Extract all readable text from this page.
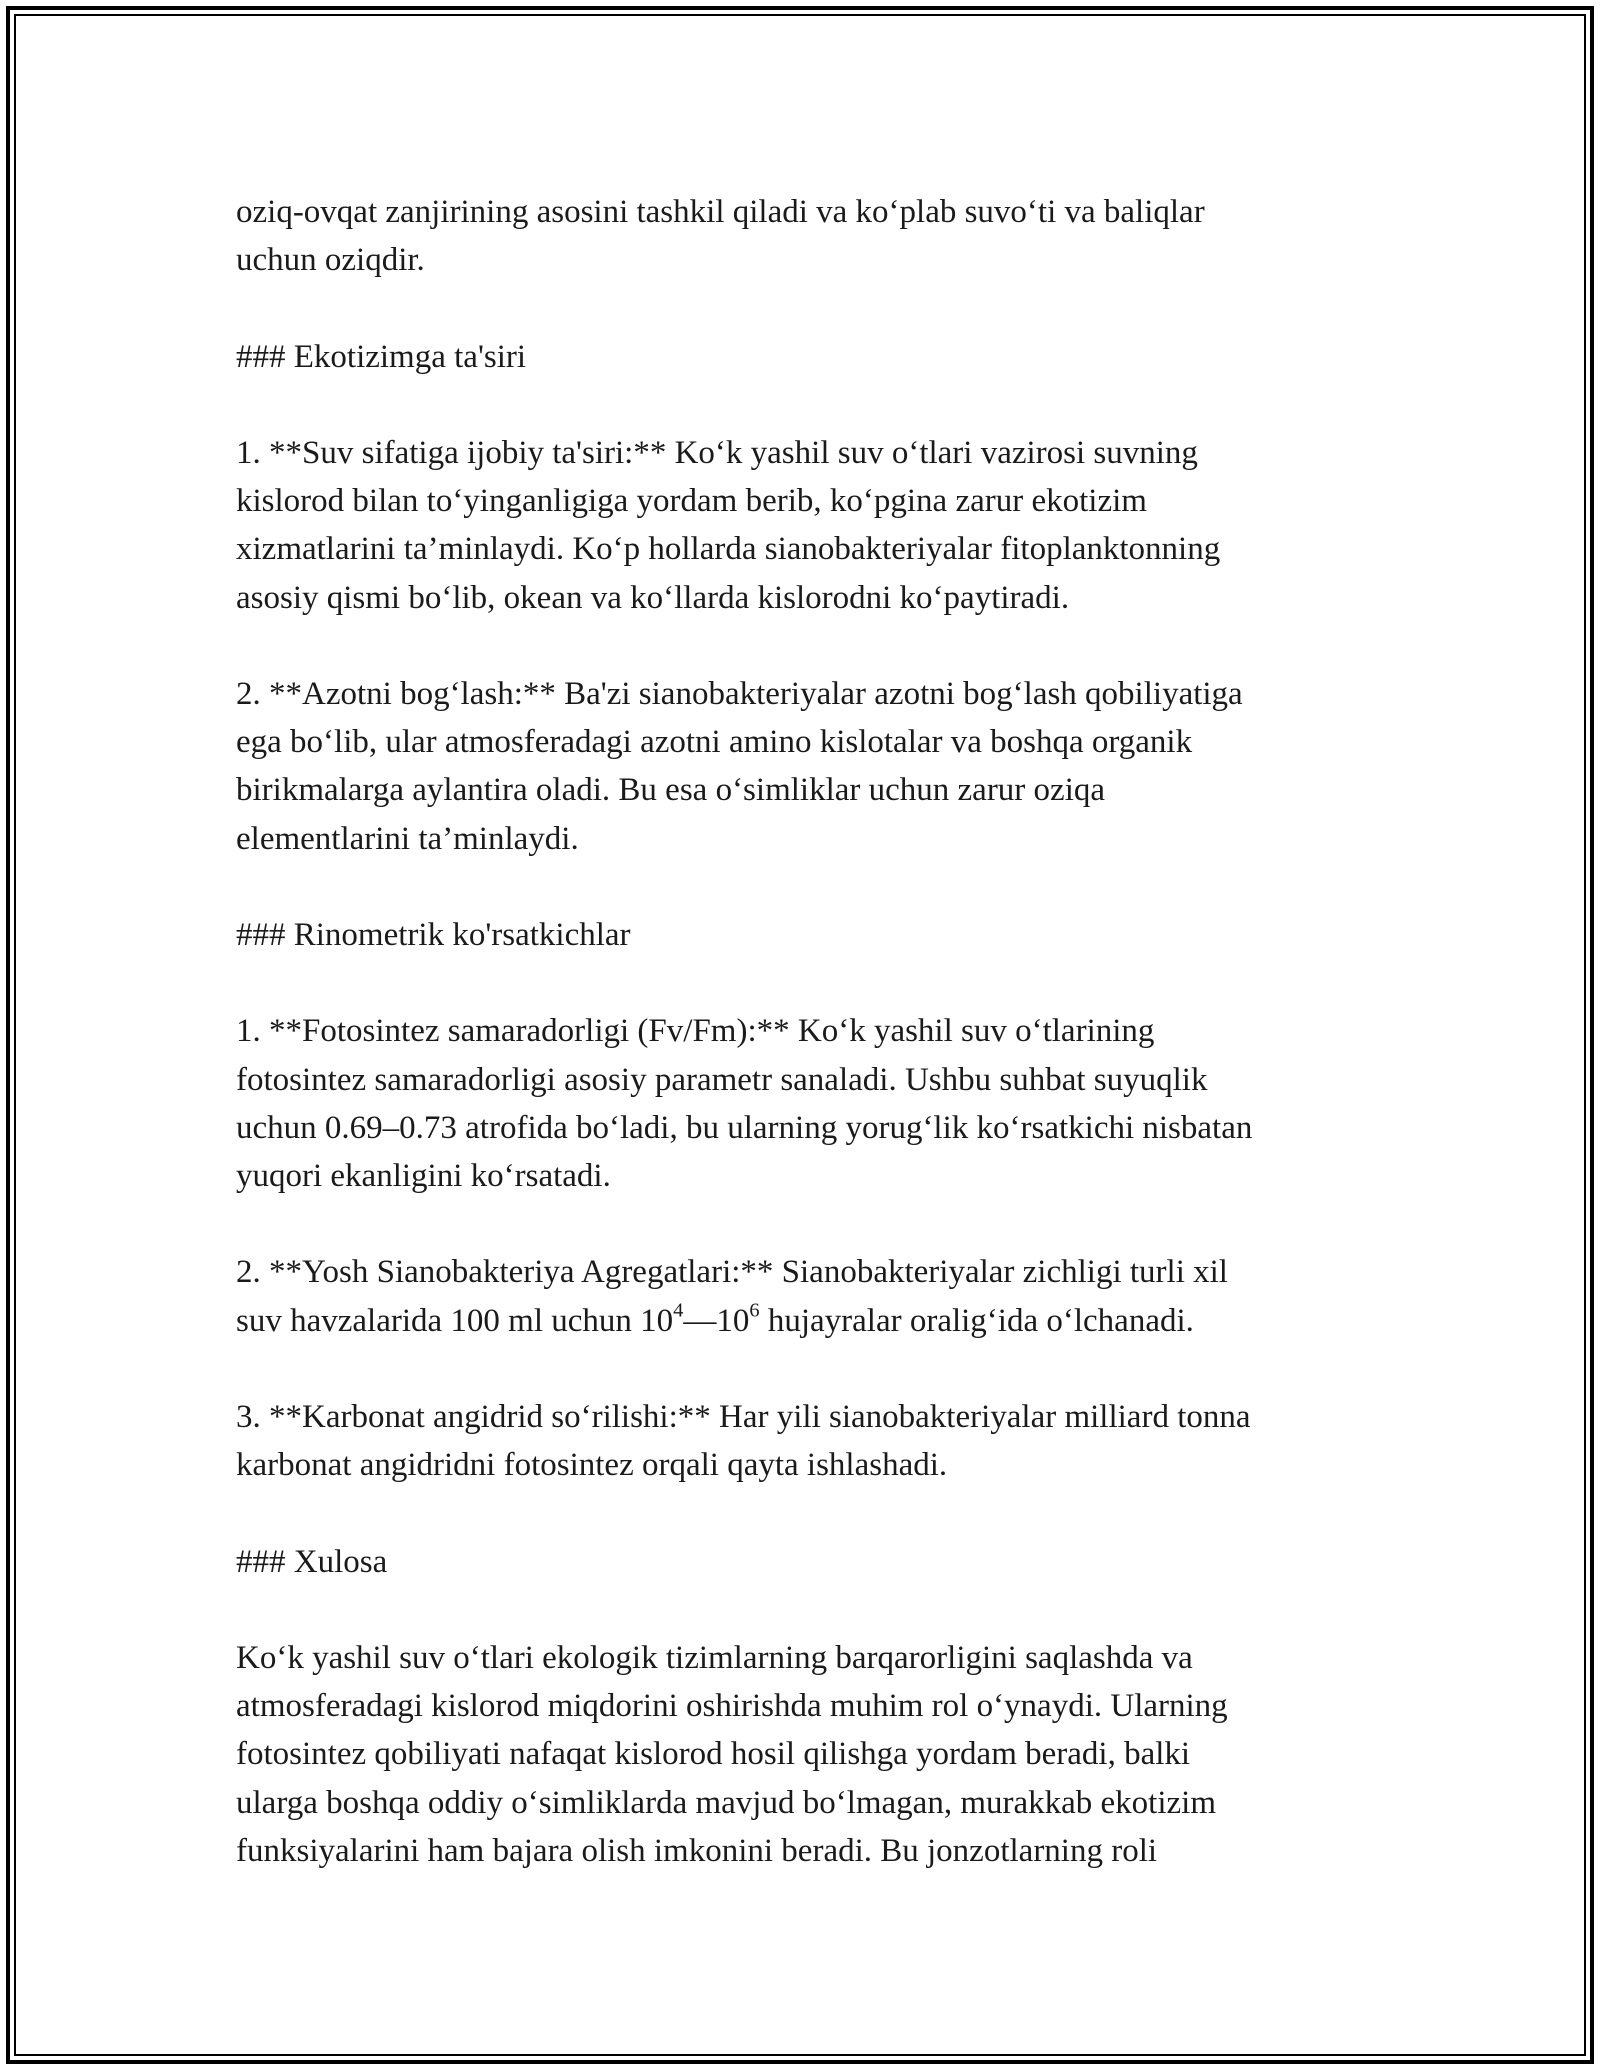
oziq-ovqat zanjirining asosini tashkil qiladi va ko‘plab suvo‘ti va baliqlar
uchun oziqdir.

### Ekotizimga ta'siri

1. **Suv sifatiga ijobiy ta'siri:** Ko‘k yashil suv o‘tlari vazirosi suvning
kislorod bilan to‘yinganligiga yordam berib, ko‘pgina zarur ekotizim
xizmatlarini ta’minlaydi. Ko‘p hollarda sianobakteriyalar fitoplanktonning
asosiy qismi bo‘lib, okean va ko‘llarda kislorodni ko‘paytiradi.

2. **Azotni bog‘lash:** Ba'zi sianobakteriyalar azotni bog‘lash qobiliyatiga
ega bo‘lib, ular atmosferadagi azotni amino kislotalar va boshqa organik
birikmalarga aylantira oladi. Bu esa o‘simliklar uchun zarur oziqa
elementlarini ta’minlaydi.

### Rinometrik ko'rsatkichlar

1. **Fotosintez samaradorligi (Fv/Fm):** Ko‘k yashil suv o‘tlarining
fotosintez samaradorligi asosiy parametr sanaladi. Ushbu suhbat suyuqlik
uchun 0.69–0.73 atrofida bo‘ladi, bu ularning yorug‘lik ko‘rsatkichi nisbatan
yuqori ekanligini ko‘rsatadi.

2. **Yosh Sianobakteriya Agregatlari:** Sianobakteriyalar zichligi turli xil
suv havzalarida 100 ml uchun $10^4—10^6$ hujayralar oralig‘ida o‘lchanadi.

3. **Karbonat angidrid so‘rilishi:** Har yili sianobakteriyalar milliard tonna
karbonat angidridni fotosintez orqali qayta ishlashadi.

### Xulosa

Ko‘k yashil suv o‘tlari ekologik tizimlarning barqarorligini saqlashda va
atmosferadagi kislorod miqdorini oshirishda muhim rol o‘ynaydi. Ularning
fotosintez qobiliyati nafaqat kislorod hosil qilishga yordam beradi, balki
ularga boshqa oddiy o‘simliklarda mavjud bo‘lmagan, murakkab ekotizim
funksiyalarini ham bajara olish imkonini beradi. Bu jonzotlarning roli
